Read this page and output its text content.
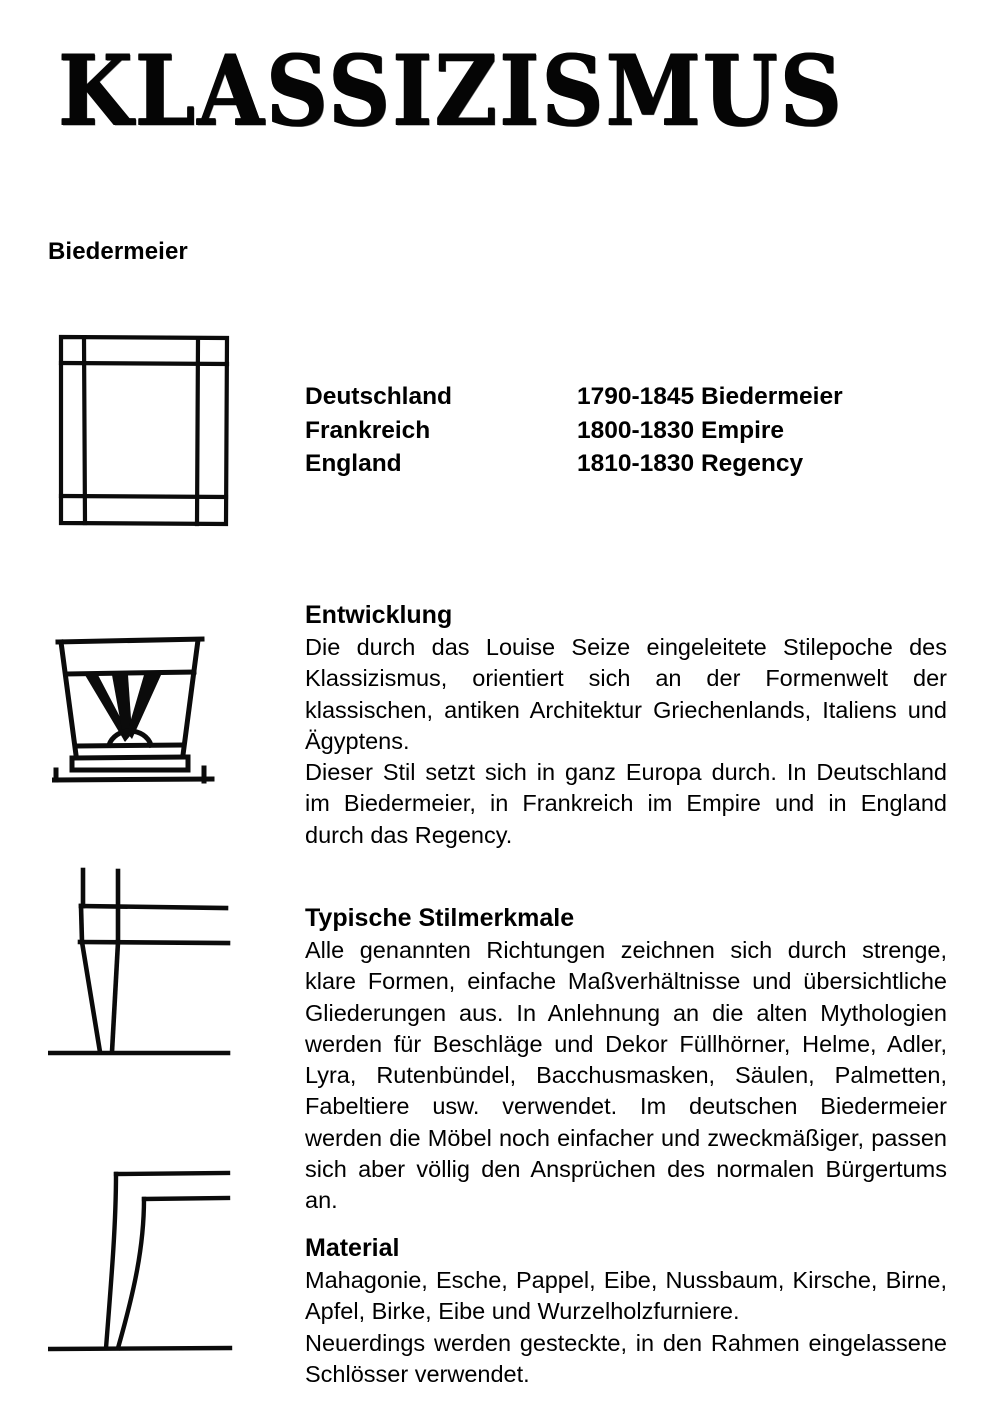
KLASSIZISMUS
Biedermeier
Deutschland	1790-1845 Biedermeier
Frankreich	1800-1830 Empire
England	1810-1830 Regency
Entwicklung

Die durch das Louise Seize eingeleitete Stilepoche des Klassizismus, orientiert sich an der Formenwelt der klassischen, antiken Architektur Griechenlands, Italiens und Ägyptens.

Dieser Stil setzt sich in ganz Europa durch. In Deutschland im Biedermeier, in Frankreich im Empire und in England durch das Regency.

Typische Stilmerkmale

Alle genannten Richtungen zeichnen sich durch strenge, klare Formen, einfache Maßverhältnisse und übersichtliche Gliederungen aus. In Anlehnung an die alten Mythologien werden für Beschläge und Dekor Füllhörner, Helme, Adler, Lyra, Rutenbündel, Bacchusmasken, Säulen, Palmetten, Fabeltiere usw. verwendet. Im deutschen Biedermeier werden die Möbel noch einfacher und zweckmäßiger, passen sich aber völlig den Ansprüchen des normalen Bürgertums an.

Material

Mahagonie, Esche, Pappel, Eibe, Nussbaum, Kirsche, Birne, Apfel, Birke, Eibe und Wurzelholzfurniere.

Neuerdings werden gesteckte, in den Rahmen eingelassene Schlösser verwendet.
